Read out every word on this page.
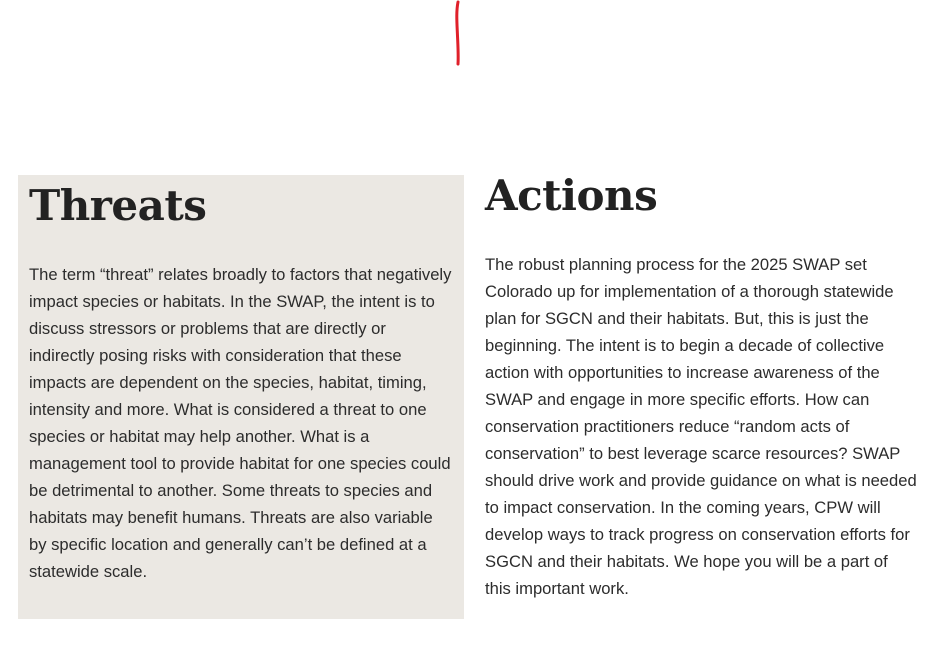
Threats

The term “threat” relates broadly to factors that negatively impact species or habitats. In the SWAP, the intent is to discuss stressors or problems that are directly or indirectly posing risks with consideration that these impacts are dependent on the species, habitat, timing, intensity and more. What is considered a threat to one species or habitat may help another. What is a management tool to provide habitat for one species could be detrimental to another. Some threats to species and habitats may benefit humans. Threats are also variable by specific location and generally can’t be defined at a statewide scale.

Actions

The robust planning process for the 2025 SWAP set Colorado up for implementation of a thorough statewide plan for SGCN and their habitats. But, this is just the beginning. The intent is to begin a decade of collective action with opportunities to increase awareness of the SWAP and engage in more specific efforts. How can conservation practitioners reduce “random acts of conservation” to best leverage scarce resources? SWAP should drive work and provide guidance on what is needed to impact conservation. In the coming years, CPW will develop ways to track progress on conservation efforts for SGCN and their habitats. We hope you will be a part of this important work.
